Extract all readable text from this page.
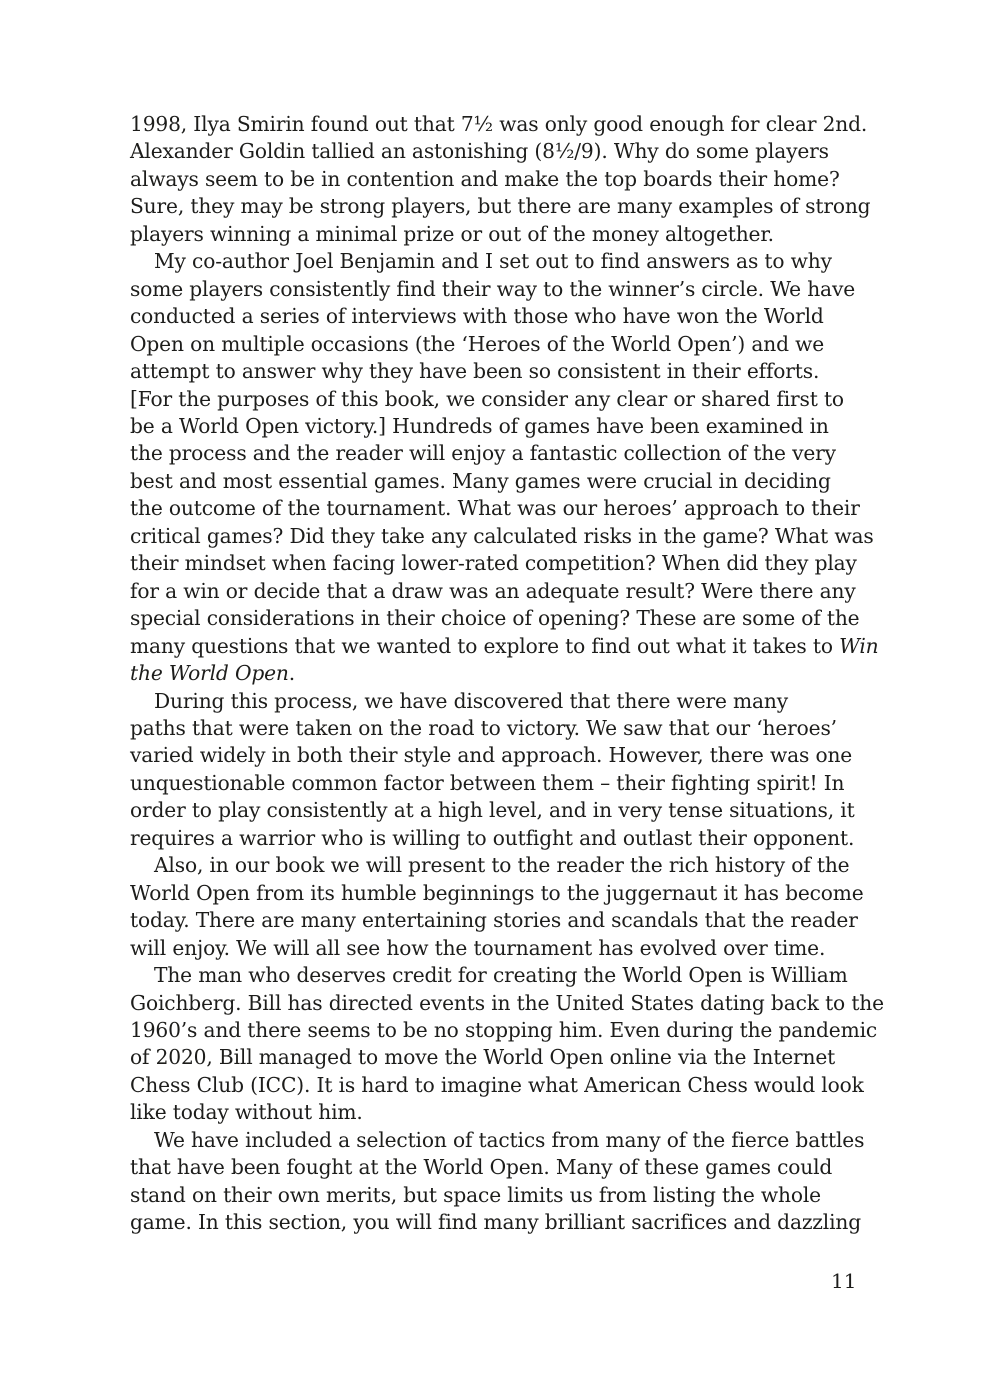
1998, Ilya Smirin found out that 7½ was only good enough for clear 2nd.
Alexander Goldin tallied an astonishing (8½/9). Why do some players
always seem to be in contention and make the top boards their home?
Sure, they may be strong players, but there are many examples of strong
players winning a minimal prize or out of the money altogether.
My co-author Joel Benjamin and I set out to find answers as to why
some players consistently find their way to the winner’s circle. We have
conducted a series of interviews with those who have won the World
Open on multiple occasions (the ‘Heroes of the World Open’) and we
attempt to answer why they have been so consistent in their efforts.
[For the purposes of this book, we consider any clear or shared first to
be a World Open victory.] Hundreds of games have been examined in
the process and the reader will enjoy a fantastic collection of the very
best and most essential games. Many games were crucial in deciding
the outcome of the tournament. What was our heroes’ approach to their
critical games? Did they take any calculated risks in the game? What was
their mindset when facing lower-rated competition? When did they play
for a win or decide that a draw was an adequate result? Were there any
special considerations in their choice of opening? These are some of the
many questions that we wanted to explore to find out what it takes to Win
the World Open.
During this process, we have discovered that there were many
paths that were taken on the road to victory. We saw that our ‘heroes’
varied widely in both their style and approach. However, there was one
unquestionable common factor between them – their fighting spirit! In
order to play consistently at a high level, and in very tense situations, it
requires a warrior who is willing to outfight and outlast their opponent.
Also, in our book we will present to the reader the rich history of the
World Open from its humble beginnings to the juggernaut it has become
today. There are many entertaining stories and scandals that the reader
will enjoy. We will all see how the tournament has evolved over time.
The man who deserves credit for creating the World Open is William
Goichberg. Bill has directed events in the United States dating back to the
1960’s and there seems to be no stopping him. Even during the pandemic
of 2020, Bill managed to move the World Open online via the Internet
Chess Club (ICC). It is hard to imagine what American Chess would look
like today without him.
We have included a selection of tactics from many of the fierce battles
that have been fought at the World Open. Many of these games could
stand on their own merits, but space limits us from listing the whole
game. In this section, you will find many brilliant sacrifices and dazzling
11
